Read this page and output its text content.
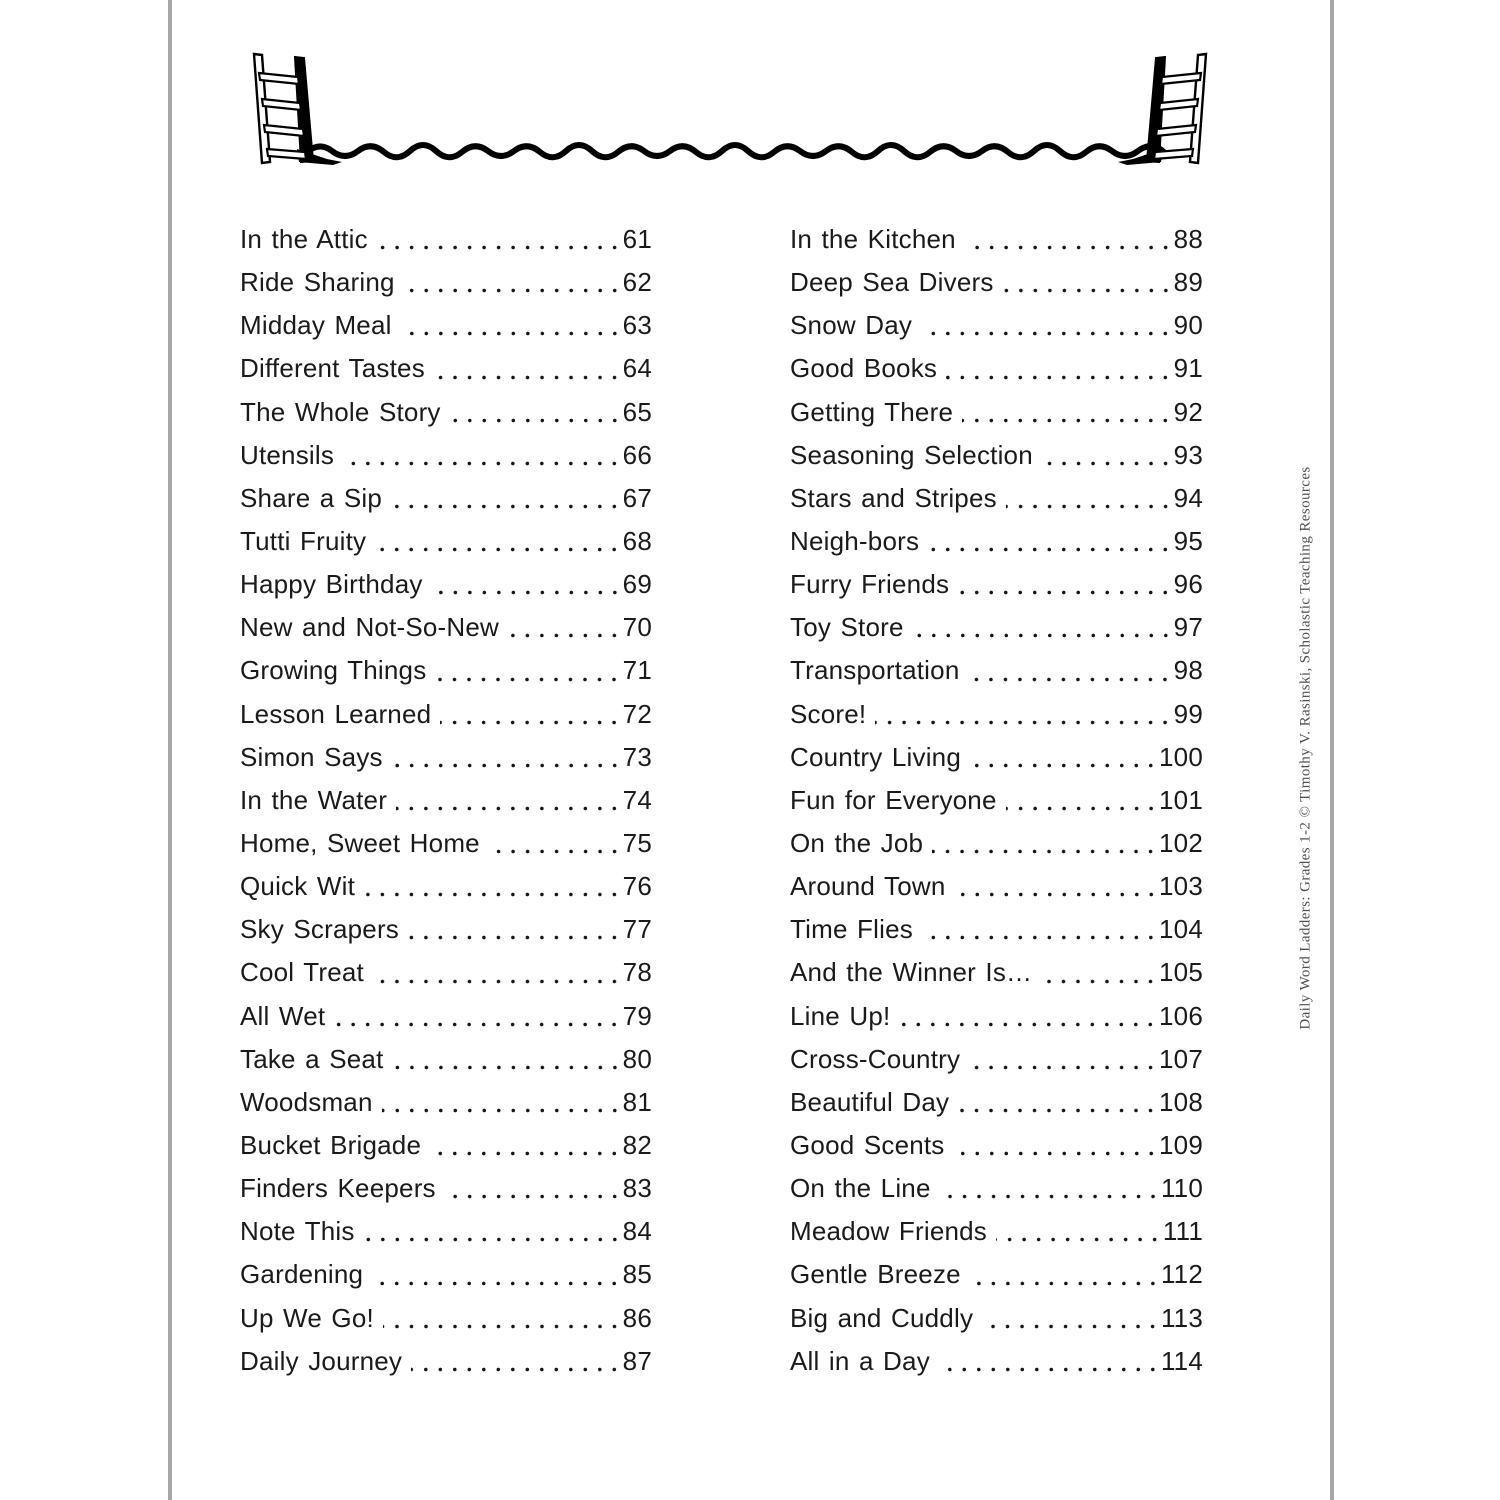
In the Attic	61
Ride Sharing	62
Midday Meal	63
Different Tastes	64
The Whole Story	65
Utensils	66
Share a Sip	67
Tutti Fruity	68
Happy Birthday	69
New and Not-So-New	70
Growing Things	71
Lesson Learned	72
Simon Says	73
In the Water	74
Home, Sweet Home	75
Quick Wit	76
Sky Scrapers	77
Cool Treat	78
All Wet	79
Take a Seat	80
Woodsman	81
Bucket Brigade	82
Finders Keepers	83
Note This	84
Gardening	85
Up We Go!	86
Daily Journey	87
In the Kitchen	88
Deep Sea Divers	89
Snow Day	90
Good Books	91
Getting There	92
Seasoning Selection	93
Stars and Stripes	94
Neigh-bors	95
Furry Friends	96
Toy Store	97
Transportation	98
Score!	99
Country Living	100
Fun for Everyone	101
On the Job	102
Around Town	103
Time Flies	104
And the Winner Is…	105
Line Up!	106
Cross-Country	107
Beautiful Day	108
Good Scents	109
On the Line	110
Meadow Friends	111
Gentle Breeze	112
Big and Cuddly	113
All in a Day	114
Daily Word Ladders: Grades 1-2 © Timothy V. Rasinski, Scholastic Teaching Resources
